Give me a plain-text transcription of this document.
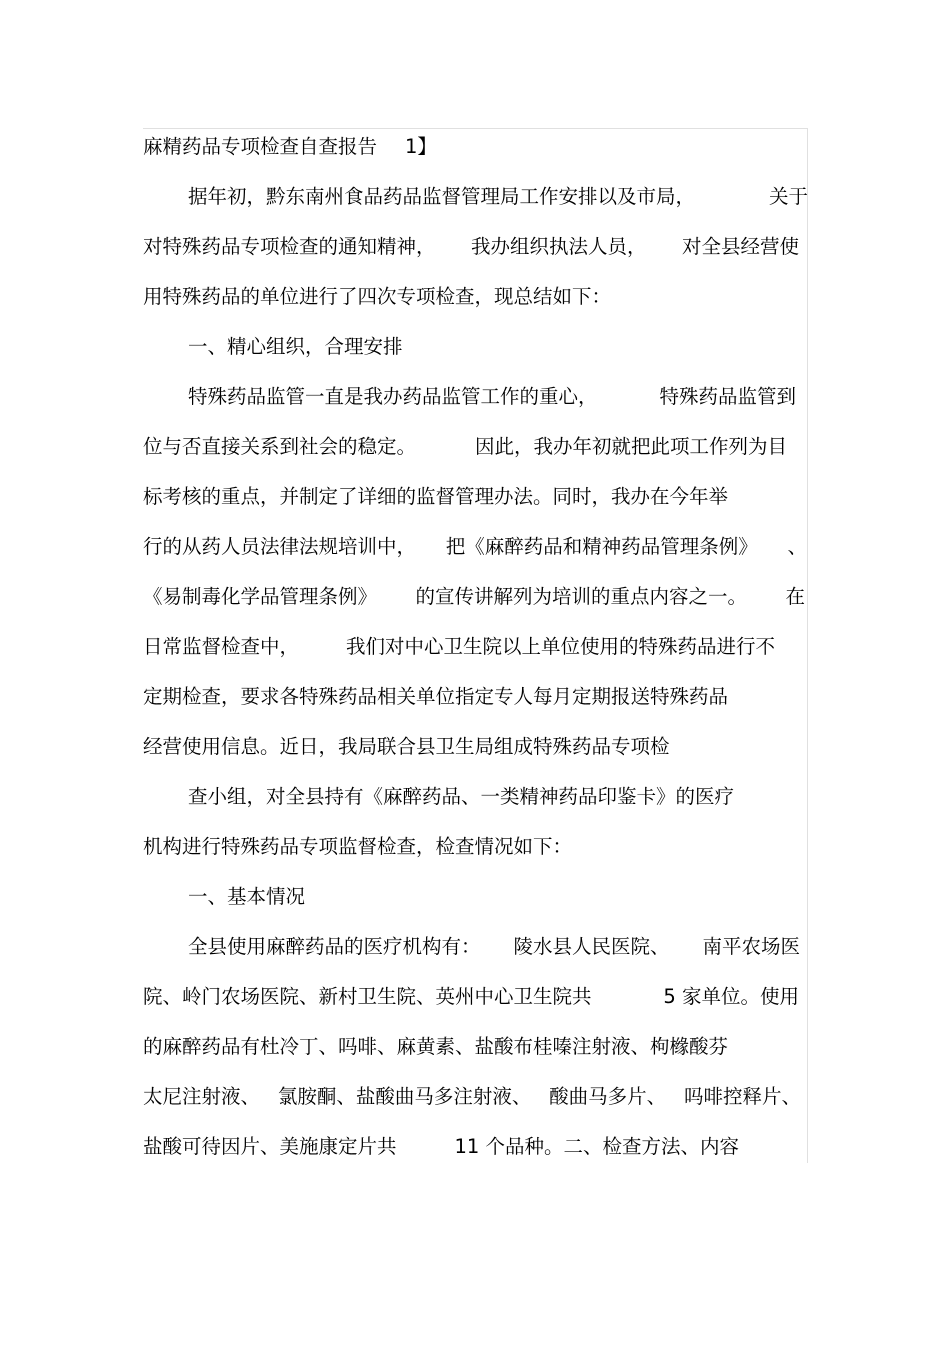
麻精药品专项检查自查报告 1】
据年初，黔东南州食品药品监督管理局工作安排以及市局，	关于
对特殊药品专项检查的通知精神， 我办组织执法人员， 对全县经营使
用特殊药品的单位进行了四次专项检查，现总结如下：
一、精心组织，合理安排
特殊药品监管一直是我办药品监管工作的重心，	特殊药品监管到
位与否直接关系到社会的稳定。	因此，我办年初就把此项工作列为目
标考核的重点，并制定了详细的监督管理办法。同时，我办在今年举
行的从药人员法律法规培训中， 把《麻醉药品和精神药品管理条例》 、
《易制毒化学品管理条例》 的宣传讲解列为培训的重点内容之一。 在
日常监督检查中， 我们对中心卫生院以上单位使用的特殊药品进行不
定期检查，要求各特殊药品相关单位指定专人每月定期报送特殊药品
经营使用信息。近日，我局联合县卫生局组成特殊药品专项检
查小组，对全县持有《麻醉药品、一类精神药品印鉴卡》的医疗
机构进行特殊药品专项监督检查，检查情况如下：
一、基本情况
全县使用麻醉药品的医疗机构有： 陵水县人民医院、 南平农场医
院、岭门农场医院、新村卫生院、英州中心卫生院共	5 家单位。使用
的麻醉药品有杜冷丁、吗啡、麻黄素、盐酸布桂嗪注射液、枸橼酸芬
太尼注射液、 氯胺酮、盐酸曲马多注射液、 酸曲马多片、 吗啡控释片、
盐酸可待因片、美施康定片共	11 个品种。二、检查方法、内容
